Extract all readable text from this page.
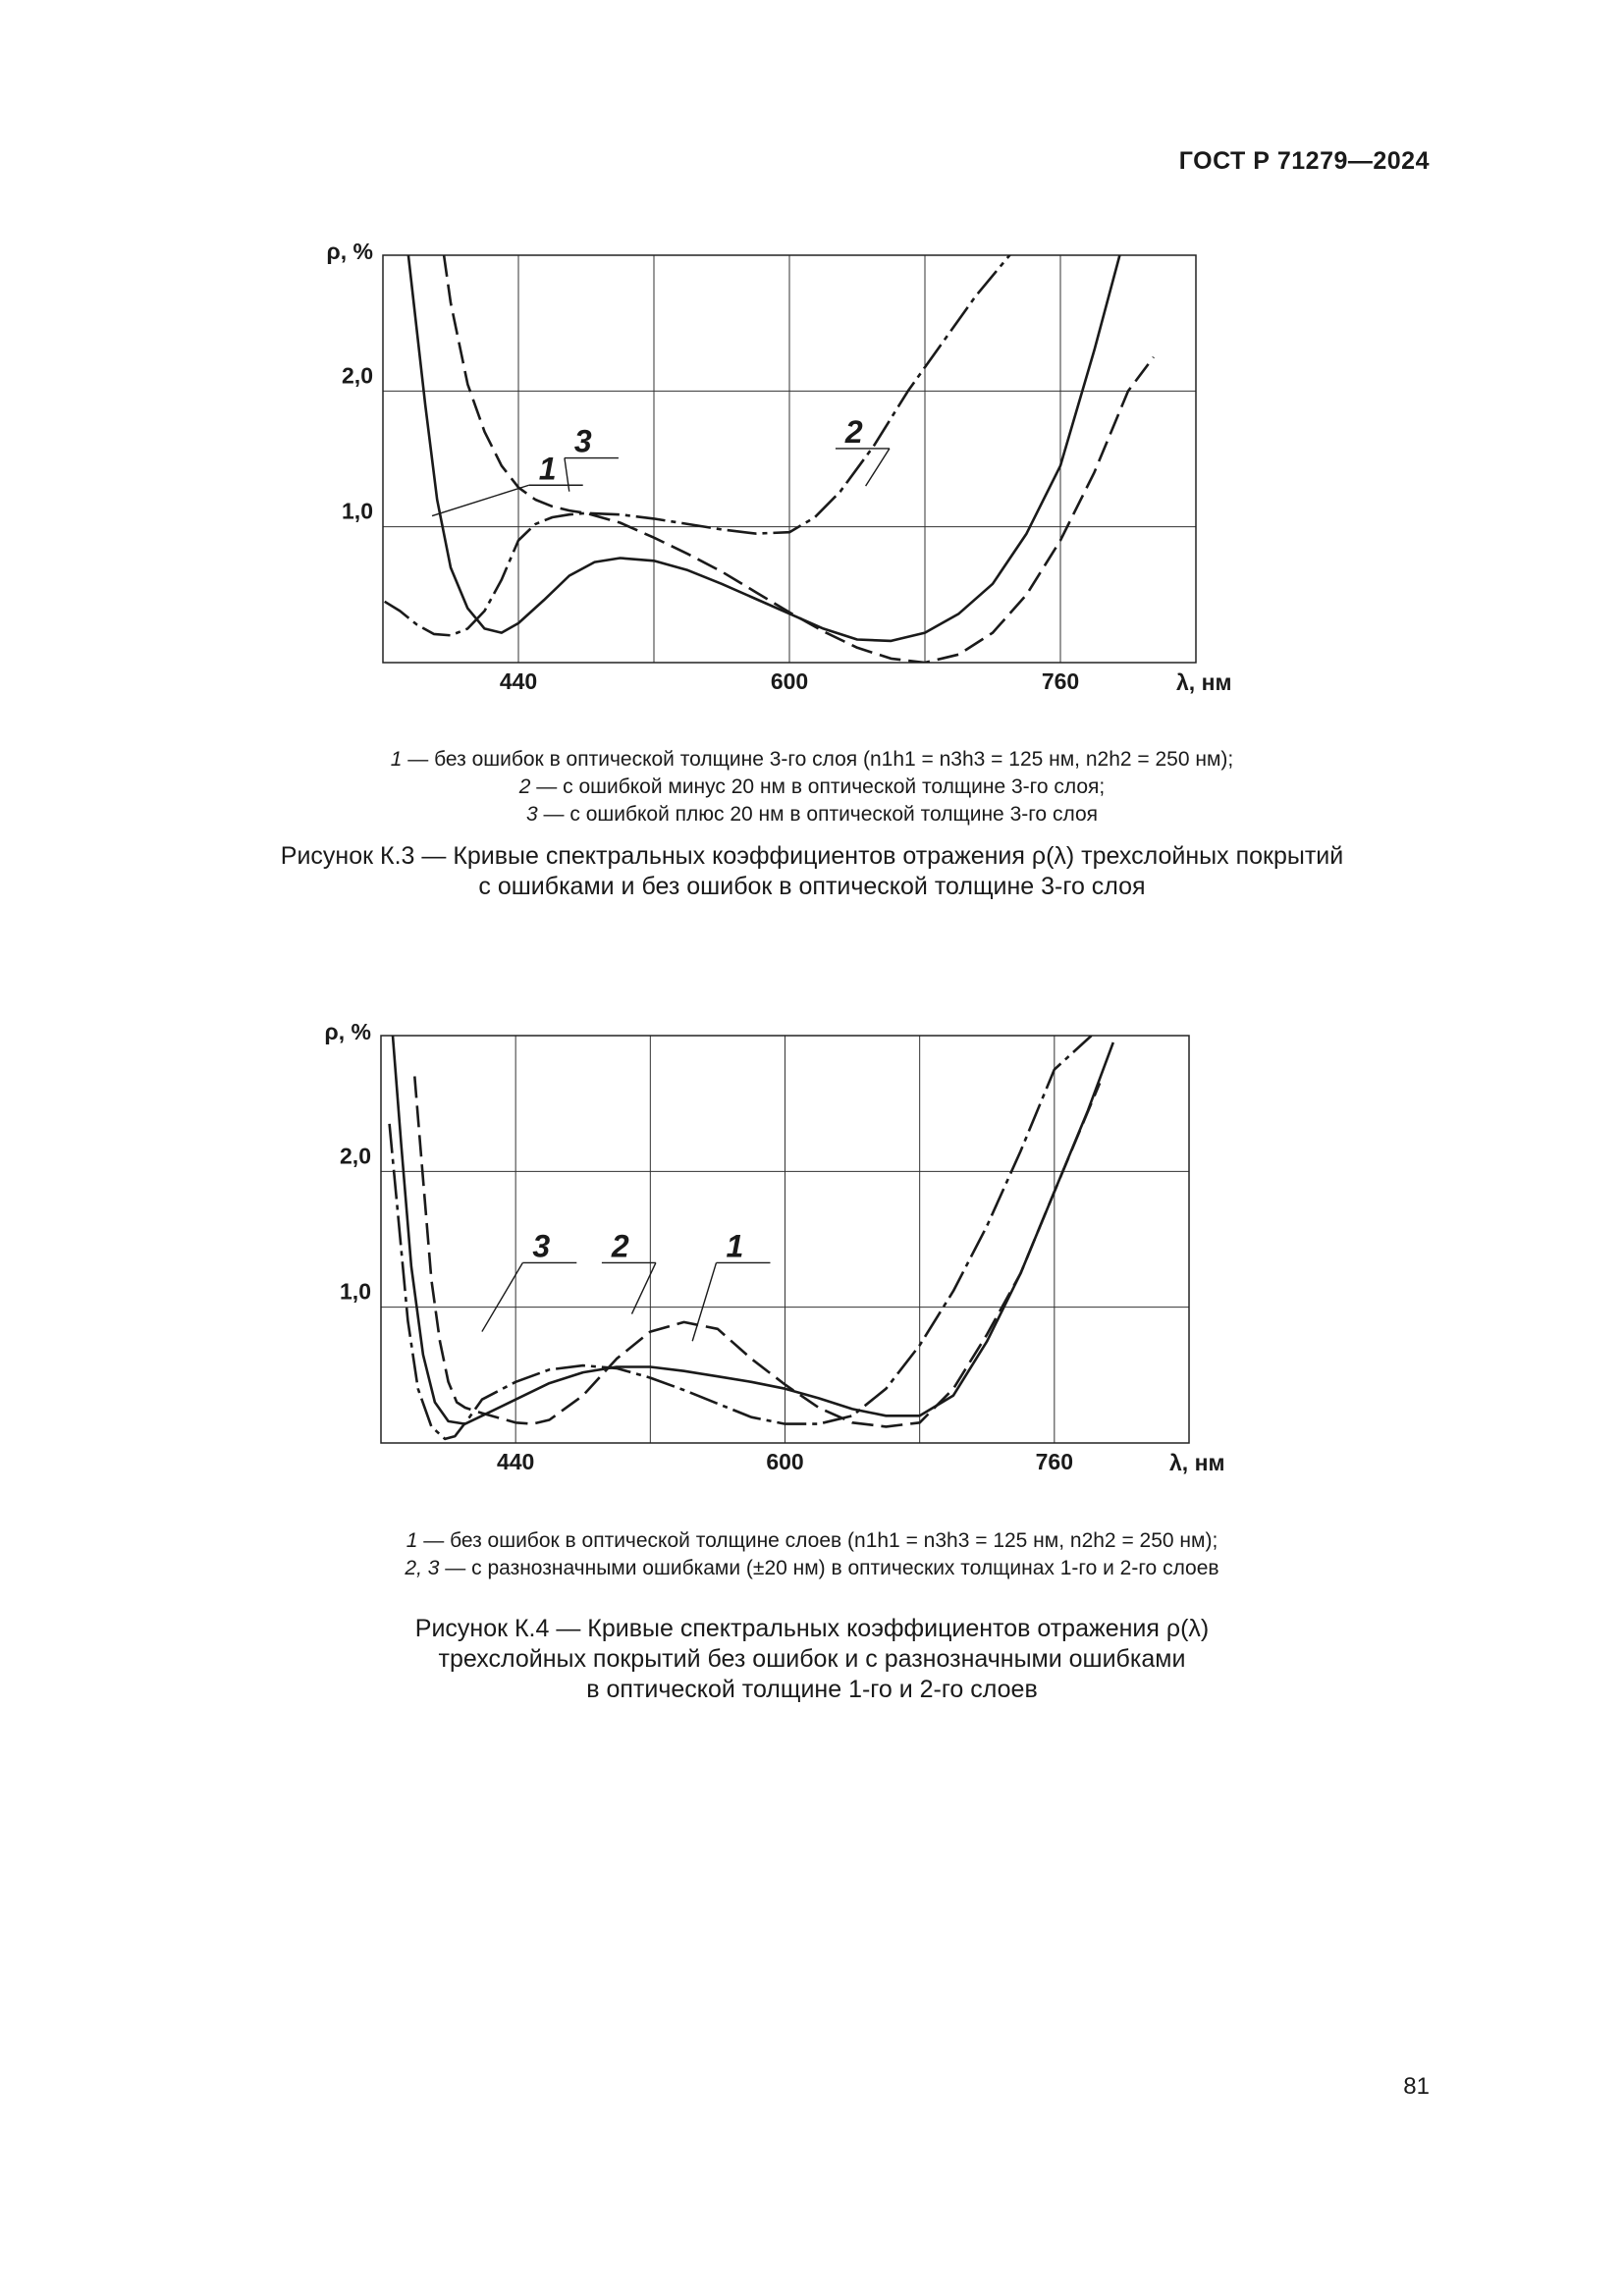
ГОСТ Р 71279—2024
1,0
2,0
440	600	760
ρ, %
λ, нм
1
2
3
1 — без ошибок в оптической толщине 3-го слоя (n1h1 = n3h3 = 125 нм, n2h2 = 250 нм);
2 — с ошибкой минус 20 нм в оптической толщине 3-го слоя;
3 — с ошибкой плюс 20 нм в оптической толщине 3-го слоя
Рисунок К.3 — Кривые спектральных коэффициентов отражения ρ(λ) трехслойных покрытий
с ошибками и без ошибок в оптической толщине 3-го слоя
1,0
2,0
440	600	760
ρ, %
λ, нм
3 2	1
1 — без ошибок в оптической толщине слоев (n1h1 = n3h3 = 125 нм, n2h2 = 250 нм);
2, 3 — с разнозначными ошибками (±20 нм) в оптических толщинах 1-го и 2-го слоев
Рисунок К.4 — Кривые спектральных коэффициентов отражения ρ(λ)
трехслойных покрытий без ошибок и с разнозначными ошибками
в оптической толщине 1-го и 2-го слоев
81
